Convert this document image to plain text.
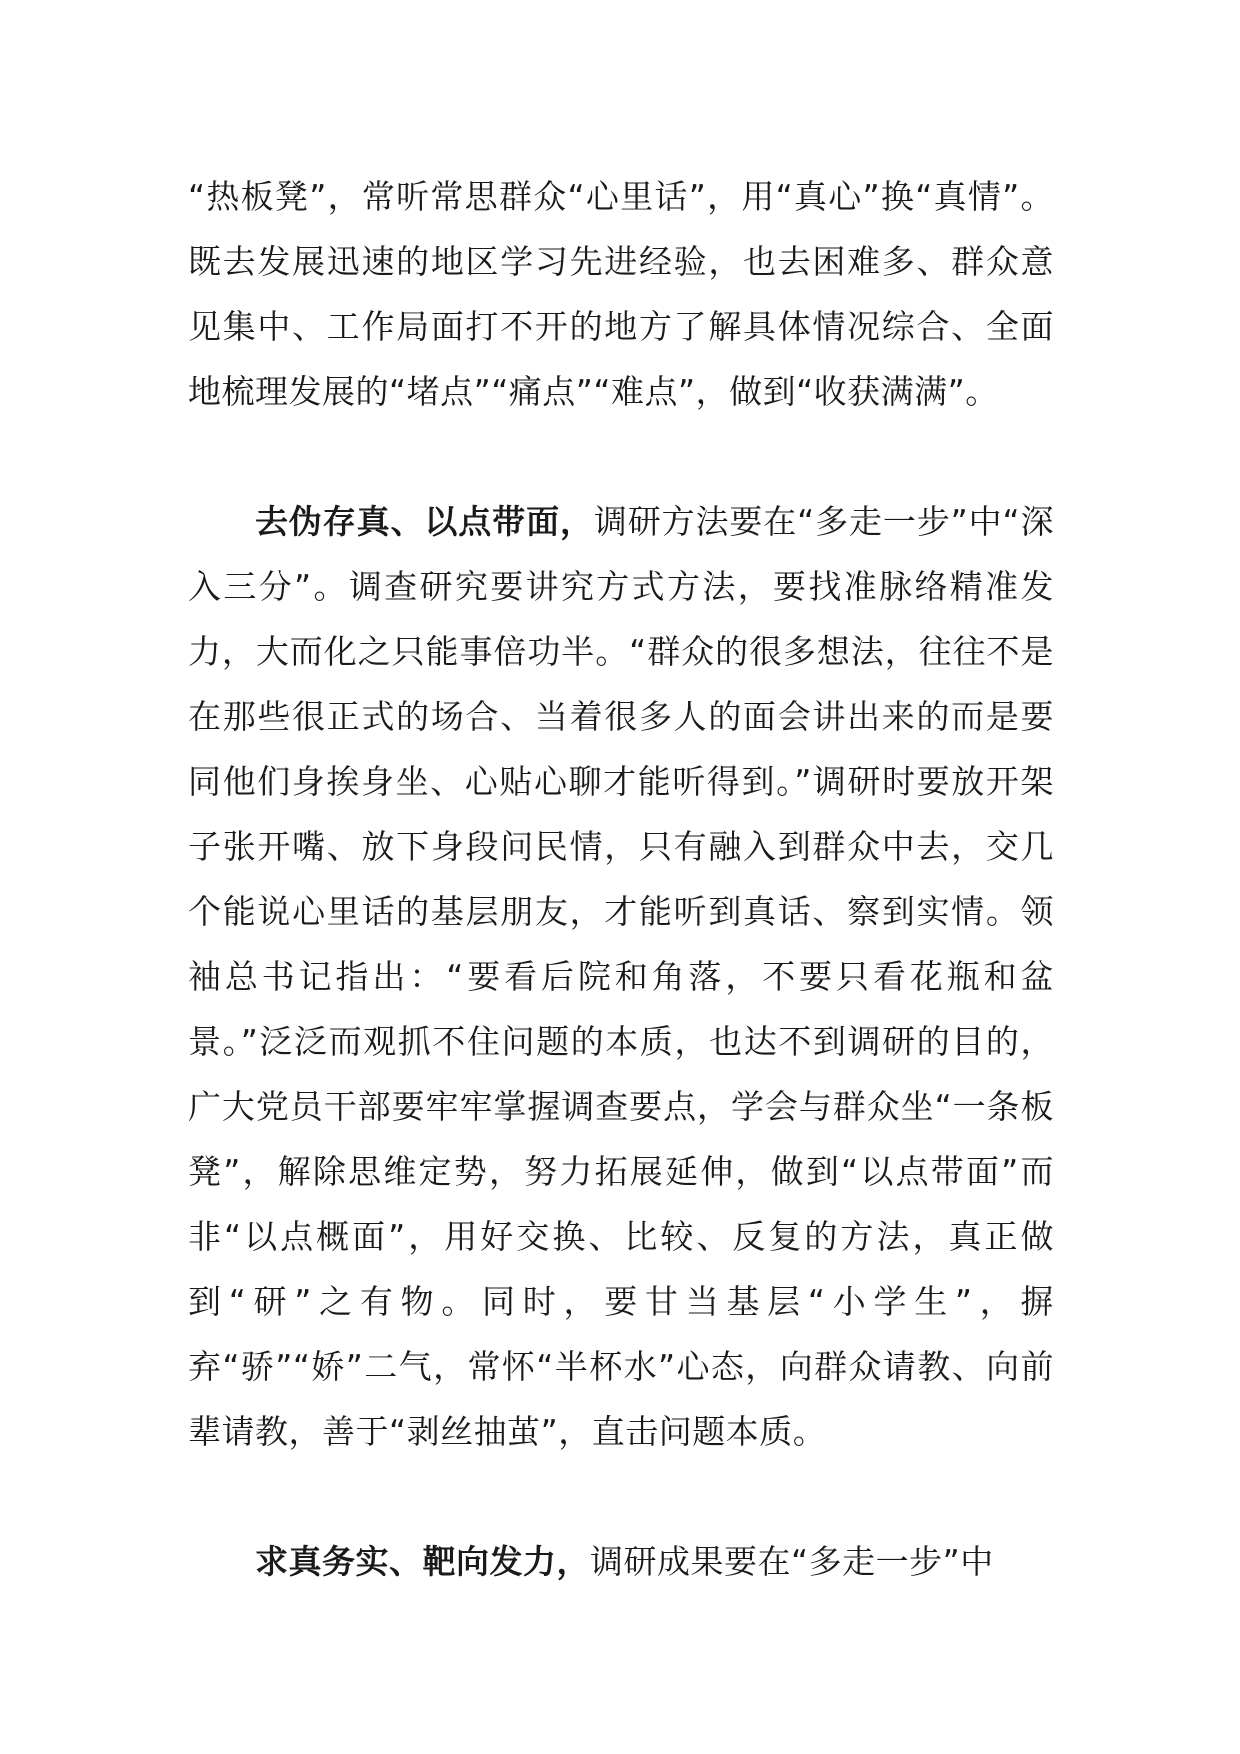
“热板凳”，常听常思群众“心里话”，用“真心”换“真情”。既去发展迅速的地区学习先进经验，也去困难多、群众意见集中、工作局面打不开的地方了解具体情况综合、全面地梳理发展的“堵点”“痛点”“难点”，做到“收获满满”。

去伪存真、以点带面，调研方法要在“多走一步”中“深入三分”。调查研究要讲究方式方法，要找准脉络精准发力，大而化之只能事倍功半。“群众的很多想法，往往不是在那些很正式的场合、当着很多人的面会讲出来的而是要同他们身挨身坐、心贴心聊才能听得到。”调研时要放开架子张开嘴、放下身段问民情，只有融入到群众中去，交几个能说心里话的基层朋友，才能听到真话、察到实情。领袖总书记指出：“要看后院和角落，不要只看花瓶和盆景。”泛泛而观抓不住问题的本质，也达不到调研的目的，广大党员干部要牢牢掌握调查要点，学会与群众坐“一条板凳”，解除思维定势，努力拓展延伸，做到“以点带面”而非“以点概面”，用好交换、比较、反复的方法，真正做到“研”之有物。同时，要甘当基层“小学生”，摒弃“骄”“娇”二气，常怀“半杯水”心态，向群众请教、向前辈请教，善于“剥丝抽茧”，直击问题本质。

求真务实、靶向发力，调研成果要在“多走一步”中
